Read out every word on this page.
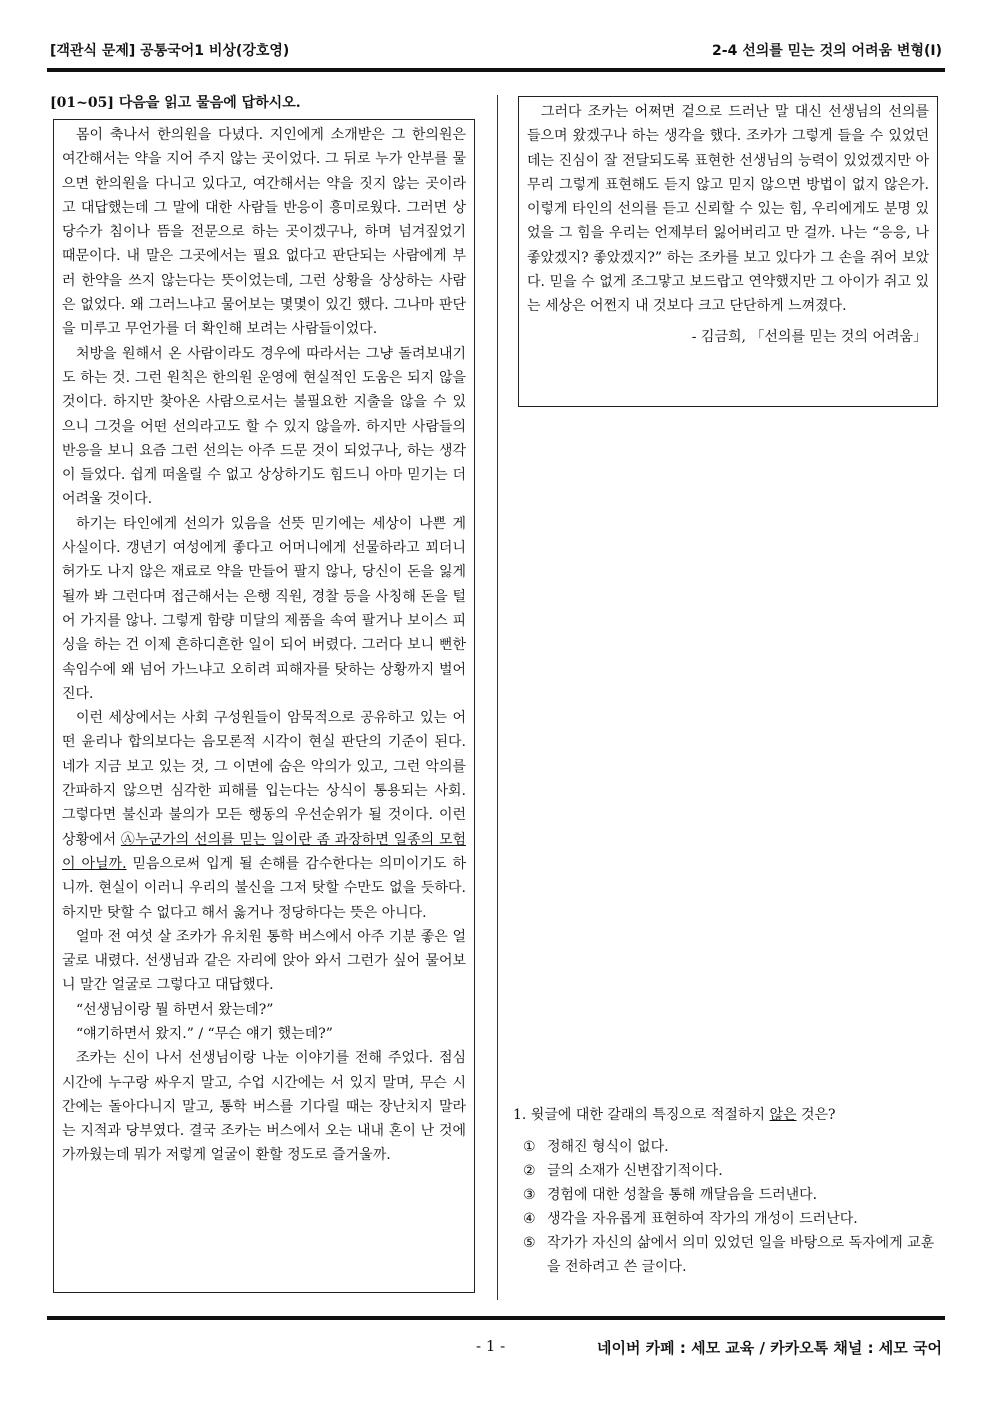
[객관식 문제] 공통국어1 비상(강호영)	2-4 선의를 믿는 것의 어려움 변형(I)
[01~05] 다음을 읽고 물음에 답하시오.

몸이 축나서 한의원을 다녔다. 지인에게 소개받은 그 한의원은 여간해서는 약을 지어 주지 않는 곳이었다. 그 뒤로 누가 안부를 물으면 한의원을 다니고 있다고, 여간해서는 약을 짓지 않는 곳이라고 대답했는데 그 말에 대한 사람들 반응이 흥미로웠다. 그러면 상당수가 침이나 뜸을 전문으로 하는 곳이겠구나, 하며 넘겨짚었기 때문이다. 내 말은 그곳에서는 필요 없다고 판단되는 사람에게 부러 한약을 쓰지 않는다는 뜻이었는데, 그런 상황을 상상하는 사람은 없었다. 왜 그러느냐고 물어보는 몇몇이 있긴 했다. 그나마 판단을 미루고 무언가를 더 확인해 보려는 사람들이었다.

처방을 원해서 온 사람이라도 경우에 따라서는 그냥 돌려보내기도 하는 것. 그런 원칙은 한의원 운영에 현실적인 도움은 되지 않을 것이다. 하지만 찾아온 사람으로서는 불필요한 지출을 않을 수 있으니 그것을 어떤 선의라고도 할 수 있지 않을까. 하지만 사람들의 반응을 보니 요즘 그런 선의는 아주 드문 것이 되었구나, 하는 생각이 들었다. 쉽게 떠올릴 수 없고 상상하기도 힘드니 아마 믿기는 더 어려울 것이다.

하기는 타인에게 선의가 있음을 선뜻 믿기에는 세상이 나쁜 게 사실이다. 갱년기 여성에게 좋다고 어머니에게 선물하라고 꾀더니 허가도 나지 않은 재료로 약을 만들어 팔지 않나, 당신이 돈을 잃게 될까 봐 그런다며 접근해서는 은행 직원, 경찰 등을 사칭해 돈을 털어 가지를 않나. 그렇게 함량 미달의 제품을 속여 팔거나 보이스 피싱을 하는 건 이제 흔하디흔한 일이 되어 버렸다. 그러다 보니 뻔한 속임수에 왜 넘어 가느냐고 오히려 피해자를 탓하는 상황까지 벌어진다.

이런 세상에서는 사회 구성원들이 암묵적으로 공유하고 있는 어떤 윤리나 합의보다는 음모론적 시각이 현실 판단의 기준이 된다. 네가 지금 보고 있는 것, 그 이면에 숨은 악의가 있고, 그런 악의를 간파하지 않으면 심각한 피해를 입는다는 상식이 통용되는 사회. 그렇다면 불신과 불의가 모든 행동의 우선순위가 될 것이다. 이런 상황에서 Ⓐ누군가의 선의를 믿는 일이란 좀 과장하면 일종의 모험이 아닐까. 믿음으로써 입게 될 손해를 감수한다는 의미이기도 하니까. 현실이 이러니 우리의 불신을 그저 탓할 수만도 없을 듯하다. 하지만 탓할 수 없다고 해서 옳거나 정당하다는 뜻은 아니다.

얼마 전 여섯 살 조카가 유치원 통학 버스에서 아주 기분 좋은 얼굴로 내렸다. 선생님과 같은 자리에 앉아 와서 그런가 싶어 물어보니 말간 얼굴로 그렇다고 대답했다.

“선생님이랑 뭘 하면서 왔는데?”

“얘기하면서 왔지.” / “무슨 얘기 했는데?”

조카는 신이 나서 선생님이랑 나눈 이야기를 전해 주었다. 점심시간에 누구랑 싸우지 말고, 수업 시간에는 서 있지 말며, 무슨 시간에는 돌아다니지 말고, 통학 버스를 기다릴 때는 장난치지 말라는 지적과 당부였다. 결국 조카는 버스에서 오는 내내 혼이 난 것에 가까웠는데 뭐가 저렇게 얼굴이 환할 정도로 즐거울까.

그러다 조카는 어쩌면 겉으로 드러난 말 대신 선생님의 선의를 들으며 왔겠구나 하는 생각을 했다. 조카가 그렇게 들을 수 있었던 데는 진심이 잘 전달되도록 표현한 선생님의 능력이 있었겠지만 아무리 그렇게 표현해도 듣지 않고 믿지 않으면 방법이 없지 않은가. 이렇게 타인의 선의를 듣고 신뢰할 수 있는 힘, 우리에게도 분명 있었을 그 힘을 우리는 언제부터 잃어버리고 만 걸까. 나는 “응응, 나 좋았겠지? 좋았겠지?” 하는 조카를 보고 있다가 그 손을 쥐어 보았다. 믿을 수 없게 조그맣고 보드랍고 연약했지만 그 아이가 쥐고 있는 세상은 어쩐지 내 것보다 크고 단단하게 느껴졌다.

- 김금희, 「선의를 믿는 것의 어려움」
1. 윗글에 대한 갈래의 특징으로 적절하지 않은 것은?
① 정해진 형식이 없다.
② 글의 소재가 신변잡기적이다.
③ 경험에 대한 성찰을 통해 깨달음을 드러낸다.
④ 생각을 자유롭게 표현하여 작가의 개성이 드러난다.
⑤ 작가가 자신의 삶에서 의미 있었던 일을 바탕으로 독자에게 교훈을 전하려고 쓴 글이다.
- 1 -	네이버 카페 : 세모 교육 / 카카오톡 채널 : 세모 국어
